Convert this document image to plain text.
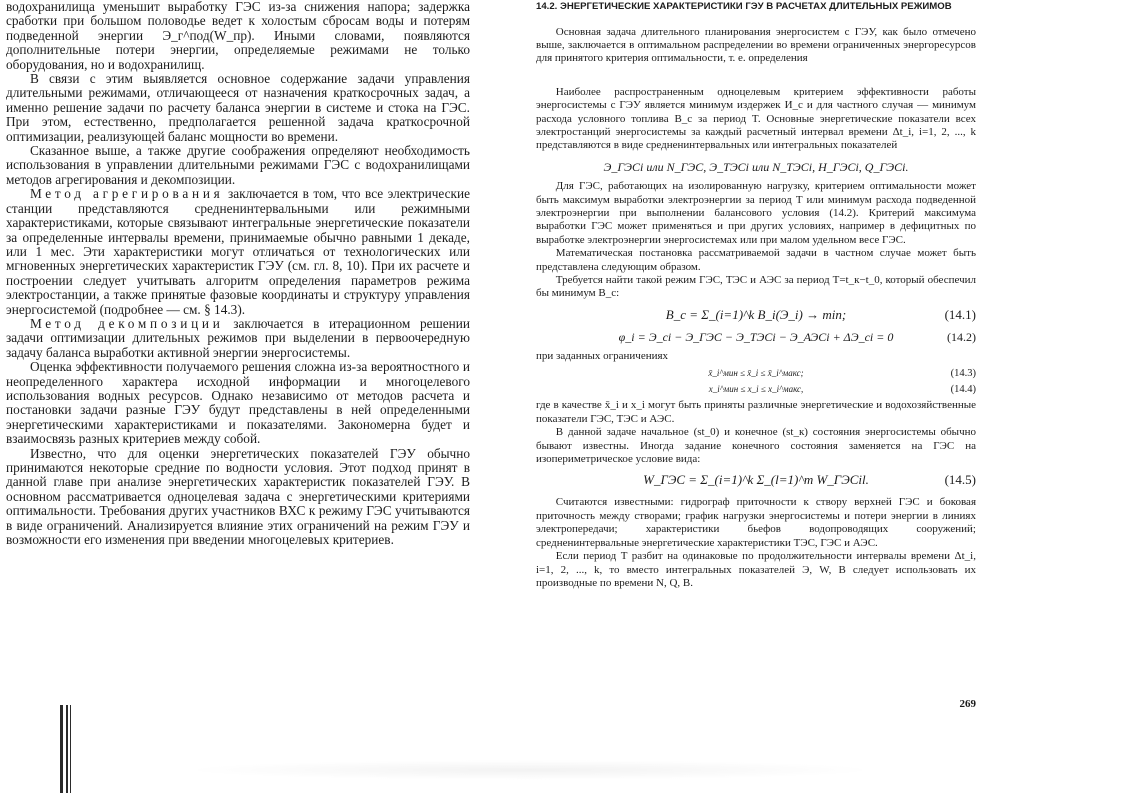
водохранилища уменьшит выработку ГЭС из-за снижения напора; задержка сработки при большом половодье ведет к холостым сбросам воды и потерям подведенной энергии Э_г^под(W_пр). Иными словами, появляются дополнительные потери энергии, определяемые режимами не только оборудования, но и водохранилищ.

В связи с этим выявляется основное содержание задачи управления длительными режимами, отличающееся от назначения краткосрочных задач, а именно решение задачи по расчету баланса энергии в системе и стока на ГЭС. При этом, естественно, предполагается решенной задача краткосрочной оптимизации, реализующей баланс мощности во времени.

Сказанное выше, а также другие соображения определяют необходимость использования в управлении длительными режимами ГЭС с водохранилищами методов агрегирования и декомпозиции.

Метод агрегирования заключается в том, что все электрические станции представляются средненинтервальными или режимными характеристиками, которые связывают интегральные энергетические показатели за определенные интервалы времени, принимаемые обычно равными 1 декаде, или 1 мес. Эти характеристики могут отличаться от технологических или мгновенных энергетических характеристик ГЭУ (см. гл. 8, 10). При их расчете и построении следует учитывать алгоритм определения параметров режима электростанции, а также принятые фазовые координаты и структуру управления энергосистемой (подробнее — см. § 14.3).

Метод декомпозиции заключается в итерационном решении задачи оптимизации длительных режимов при выделении в первоочередную задачу баланса выработки активной энергии энергосистемы.

Оценка эффективности получаемого решения сложна из-за вероятностного и неопределенного характера исходной информации и многоцелевого использования водных ресурсов. Однако независимо от методов расчета и постановки задачи разные ГЭУ будут представлены в ней определенными энергетическими характеристиками и показателями. Закономерна будет и взаимосвязь разных критериев между собой.

Известно, что для оценки энергетических показателей ГЭУ обычно принимаются некоторые средние по водности условия. Этот подход принят в данной главе при анализе энергетических характеристик показателей ГЭУ. В основном рассматривается одноцелевая задача с энергетическими критериями оптимальности. Требования других участников ВХС к режиму ГЭС учитываются в виде ограничений. Анализируется влияние этих ограничений на режим ГЭУ и возможности его изменения при введении многоцелевых критериев.

14.2. ЭНЕРГЕТИЧЕСКИЕ ХАРАКТЕРИСТИКИ ГЭУ В РАСЧЕТАХ ДЛИТЕЛЬНЫХ РЕЖИМОВ

Основная задача длительного планирования энергосистем с ГЭУ, как было отмечено выше, заключается в оптимальном распределении во времени ограниченных энергоресурсов для принятого критерия оптимальности, т. е. определения

Наиболее распространенным одноцелевым критерием эффективности работы энергосистемы с ГЭУ является минимум издержек И_с и для частного случая — минимум расхода условного топлива B_с за период T. Основные энергетические показатели всех электростанций энергосистемы за каждый расчетный интервал времени Δt_i, i=1, 2, ..., k представляются в виде средненинтервальных или интегральных показателей

Э_ГЭСi или N_ГЭС, Э_ТЭСi или N_ТЭСi, H_ГЭСi, Q_ГЭСi.

Для ГЭС, работающих на изолированную нагрузку, критерием оптимальности может быть максимум выработки электроэнергии за период T или минимум расхода подведенной электроэнергии при выполнении балансового условия (14.2). Критерий максимума выработки ГЭС может применяться и при других условиях, например в дефицитных по выработке электроэнергии энергосистемах или при малом удельном весе ГЭС.

Математическая постановка рассматриваемой задачи в частном случае может быть представлена следующим образом.

Требуется найти такой режим ГЭС, ТЭС и АЭС за период T=t_к−t_0, который обеспечил бы минимум B_с:

B_с = Σ_(i=1)^k B_i(Э_i) → min;	(14.1)
φ_i = Э_сi − Э_ГЭС − Э_ТЭСi − Э_АЭСi + ΔЭ_сi = 0	(14.2)

при заданных ограничениях

x̄_i^мин ≤ x̄_i ≤ x̄_i^макс;	(14.3)
x_i^мин ≤ x_i ≤ x_i^макс,	(14.4)

где в качестве x̄_i и x_i могут быть приняты различные энергетические и водохозяйственные показатели ГЭС, ТЭС и АЭС.

В данной задаче начальное (st_0) и конечное (st_к) состояния энергосистемы обычно бывают известны. Иногда задание конечного состояния заменяется на ГЭС на изопериметрическое условие вида:

W_ГЭС = Σ_(i=1)^k Σ_(l=1)^m W_ГЭСil.	(14.5)

Считаются известными: гидрограф приточности к створу верхней ГЭС и боковая приточность между створами; график нагрузки энергосистемы и потери энергии в линиях электропередачи; характеристики бьефов водопроводящих сооружений; средненинтервальные энергетические характеристики ТЭС, ГЭС и АЭС.

Если период T разбит на одинаковые по продолжительности интервалы времени Δt_i, i=1, 2, ..., k, то вместо интегральных показателей Э, W, B следует использовать их производные по времени N, Q, B.

269
